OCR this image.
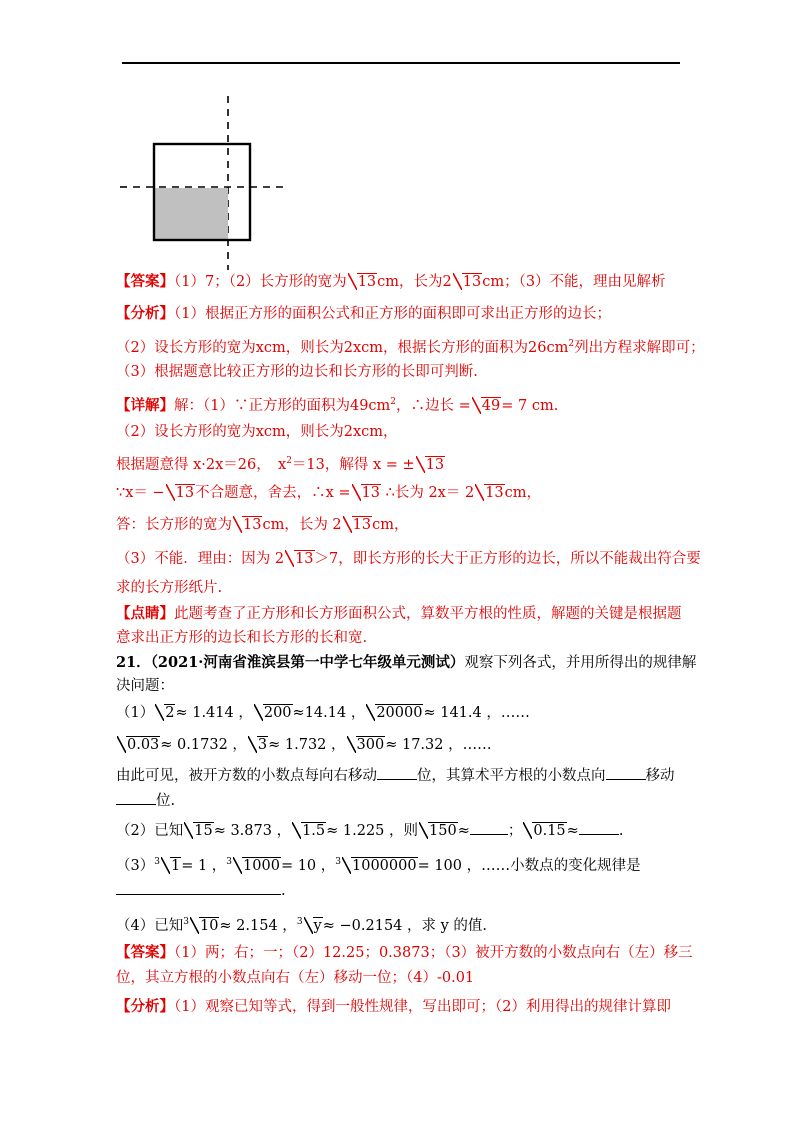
【答案】（1）7；（2）长方形的宽为 13cm，长为2 13cm；（3）不能，理由见解析
【分析】（1）根据正方形的面积公式和正方形的面积即可求出正方形的边长；
（2）设长方形的宽为xcm，则长为2xcm，根据长方形的面积为$26cm^2$列出方程求解即可；
（3）根据题意比较正方形的边长和长方形的长即可判断.
【详解】解：（1）∵正方形的面积为$49cm^2$，∴边长 = 49= 7 cm.
（2）设长方形的宽为xcm，则长为2xcm，
根据题意得 x·2x＝26，　$x^2=13$，解得 x = ± 13
∵x＝ − 13不合题意，舍去，∴x = 13 ∴长为 2x＝ 2 13cm，
答：长方形的宽为 13cm，长为 2 13cm，
（3）不能．理由：因为 2 13＞7，即长方形的长大于正方形的边长，所以不能裁出符合要
求的长方形纸片.
【点睛】此题考查了正方形和长方形面积公式，算数平方根的性质，解题的关键是根据题
意求出正方形的边长和长方形的长和宽.
21．（2021·河南省淮滨县第一中学七年级单元测试）观察下列各式，并用所得出的规律解
决问题：
（1） 2≈ 1.414 ， 200≈14.14 ， 20000≈ 141.4 ，……
0.03≈ 0.1732 ， 3≈ 1.732 ， 300≈ 17.32 ，……
由此可见，被开方数的小数点每向右移动	位，其算术平方根的小数点向	移动
位.
（2）已知 15≈ 3.873 ， 1.5≈ 1.225 ，则 150≈	； 0.15≈	.
$(3)^3$ 1= 1 ，$^3$ 1000= 10 ，$^3$ 1000000= 100 ，……小数点的变化规律是
.
（4）已知$^3$ 10≈ 2.154 ，$^3$ y≈ −0.2154 ，求 y 的值.
【答案】（1）两；右；一；（2）12.25；0.3873；（3）被开方数的小数点向右（左）移三
位，其立方根的小数点向右（左）移动一位；（4）-0.01
【分析】（1）观察已知等式，得到一般性规律，写出即可；（2）利用得出的规律计算即
